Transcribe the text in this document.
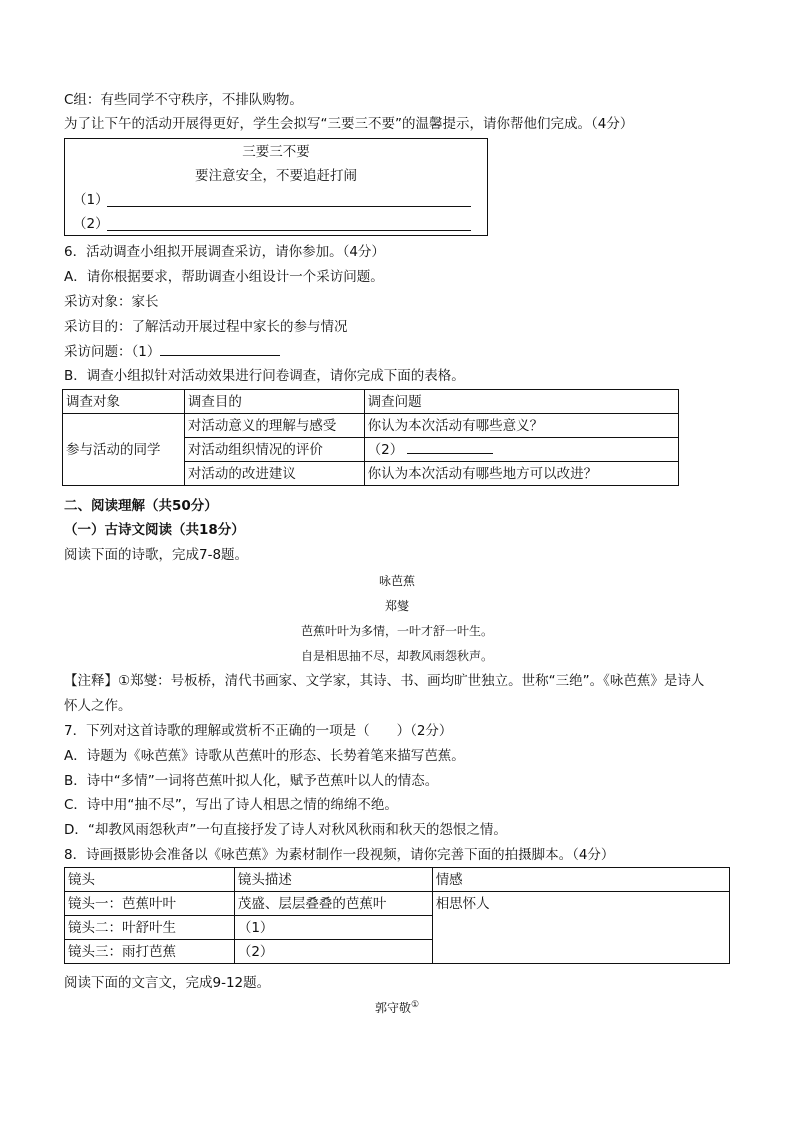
C组：有些同学不守秩序，不排队购物。
为了让下午的活动开展得更好，学生会拟写“三要三不要”的温馨提示，请你帮他们完成。（4分）
三要三不要
要注意安全，不要追赶打闹
（1）
（2）
6．活动调查小组拟开展调查采访，请你参加。（4分）
A．请你根据要求，帮助调查小组设计一个采访问题。
采访对象：家长
采访目的：了解活动开展过程中家长的参与情况
采访问题：（1）
B．调查小组拟针对活动效果进行问卷调查，请你完成下面的表格。
调查对象	调查目的	调查问题
参与活动的同学	对活动意义的理解与感受	你认为本次活动有哪些意义？
	对活动组织情况的评价	（2）
	对活动的改进建议	你认为本次活动有哪些地方可以改进？
二、阅读理解（共50分）
（一）古诗文阅读（共18分）
阅读下面的诗歌，完成7-8题。
咏芭蕉
郑燮
芭蕉叶叶为多情，一叶才舒一叶生。
自是相思抽不尽，却教风雨怨秋声。
【注释】①郑燮：号板桥，清代书画家、文学家，其诗、书、画均旷世独立。世称“三绝”。《咏芭蕉》是诗人
怀人之作。
7．下列对这首诗歌的理解或赏析不正确的一项是（　　）（2分）
A．诗题为《咏芭蕉》诗歌从芭蕉叶的形态、长势着笔来描写芭蕉。
B．诗中“多情”一词将芭蕉叶拟人化，赋予芭蕉叶以人的情态。
C．诗中用“抽不尽”，写出了诗人相思之情的绵绵不绝。
D．“却教风雨怨秋声”一句直接抒发了诗人对秋风秋雨和秋天的怨恨之情。
8．诗画摄影协会准备以《咏芭蕉》为素材制作一段视频，请你完善下面的拍摄脚本。（4分）
镜头	镜头描述	情感
镜头一：芭蕉叶叶	茂盛、层层叠叠的芭蕉叶	相思怀人
镜头二：叶舒叶生	（1）	
镜头三：雨打芭蕉	（2）	
阅读下面的文言文，完成9-12题。
郭守敬①
